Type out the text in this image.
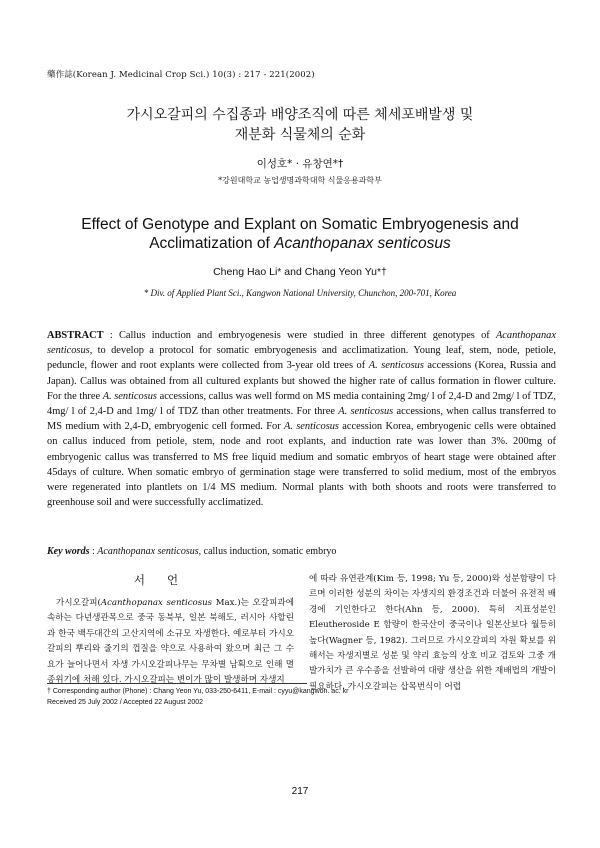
藥作誌(Korean J. Medicinal Crop Sci.) 10(3) : 217 - 221(2002)
가시오갈피의 수집종과 배양조직에 따른 체세포배발생 및
재분화 식물체의 순화
이성호* · 유창연*†
*강원대학교 농업생명과학대학 식물응용과학부
Effect of Genotype and Explant on Somatic Embryogenesis and
Acclimatization of Acanthopanax senticosus
Cheng Hao Li* and Chang Yeon Yu*†
* Div. of Applied Plant Sci., Kangwon National University, Chunchon, 200-701, Korea
ABSTRACT : Callus induction and embryogenesis were studied in three different genotypes of Acanthopanax senticosus, to develop a protocol for somatic embryogenesis and acclimatization. Young leaf, stem, node, petiole, peduncle, flower and root explants were collected from 3-year old trees of A. senticosus accessions (Korea, Russia and Japan). Callus was obtained from all cultured explants but showed the higher rate of callus formation in flower culture. For the three A. senticosus accessions, callus was well formd on MS media containing 2mg/ l of 2,4-D and 2mg/ l of TDZ, 4mg/ l of 2,4-D and 1mg/ l of TDZ than other treatments. For three A. senticosus accessions, when callus transferred to MS medium with 2,4-D, embryogenic cell formed. For A. senticosus accession Korea, embryogenic cells were obtained on callus induced from petiole, stem, node and root explants, and induction rate was lower than 3%. 200mg of embryogenic callus was transferred to MS free liquid medium and somatic embryos of heart stage were obtained after 45days of culture. When somatic embryo of germination stage were transferred to solid medium, most of the embryos were regenerated into plantlets on 1/4 MS medium. Normal plants with both shoots and roots were transferred to greenhouse soil and were successfully acclimatized.
Key words : Acanthopanax senticosus, callus induction, somatic embryo
서언

가시오갈피(Acanthopanax senticosus Max.)는 오갈피과에 속하는 다년생관목으로 중국 동북부, 일본 북해도, 러시아 사할린과 한국 백두대간의 고산지역에 소규모 자생한다. 예로부터 가시오갈피의 뿌리와 줄기의 껍질을 약으로 사용하여 왔으며 최근 그 수요가 늘어나면서 자생 가시오갈피나무는 무차별 남획으로 인해 멸종위기에 처해 있다. 가시오갈피는 변이가 많이 발생하며 자생지

에 따라 유연관계(Kim 등, 1998; Yu 등, 2000)와 성분함량이 다르며 이러한 성분의 차이는 자생지의 환경조건과 더불어 유전적 배경에 기인한다고 한다(Ahn 등, 2000). 특히 지표성분인 Eleutheroside E 함량이 한국산이 중국이나 일본산보다 월등히 높다(Wagner 등, 1982). 그러므로 가시오갈피의 자원 확보를 위해서는 자생지별로 성분 및 약리 효능의 상호 비교 검토와 그중 개발가치가 큰 우수종을 선발하여 대량 생산을 위한 재배법의 개발이 필요하다. 가시오갈피는 삽목번식이 어렵

† Corresponding author (Phone) : Chang Yeon Yu, 033-250-6411, E-mail : cyyu@kangwon. ac. kr
Received 25 July 2002 / Accepted 22 August 2002
217
